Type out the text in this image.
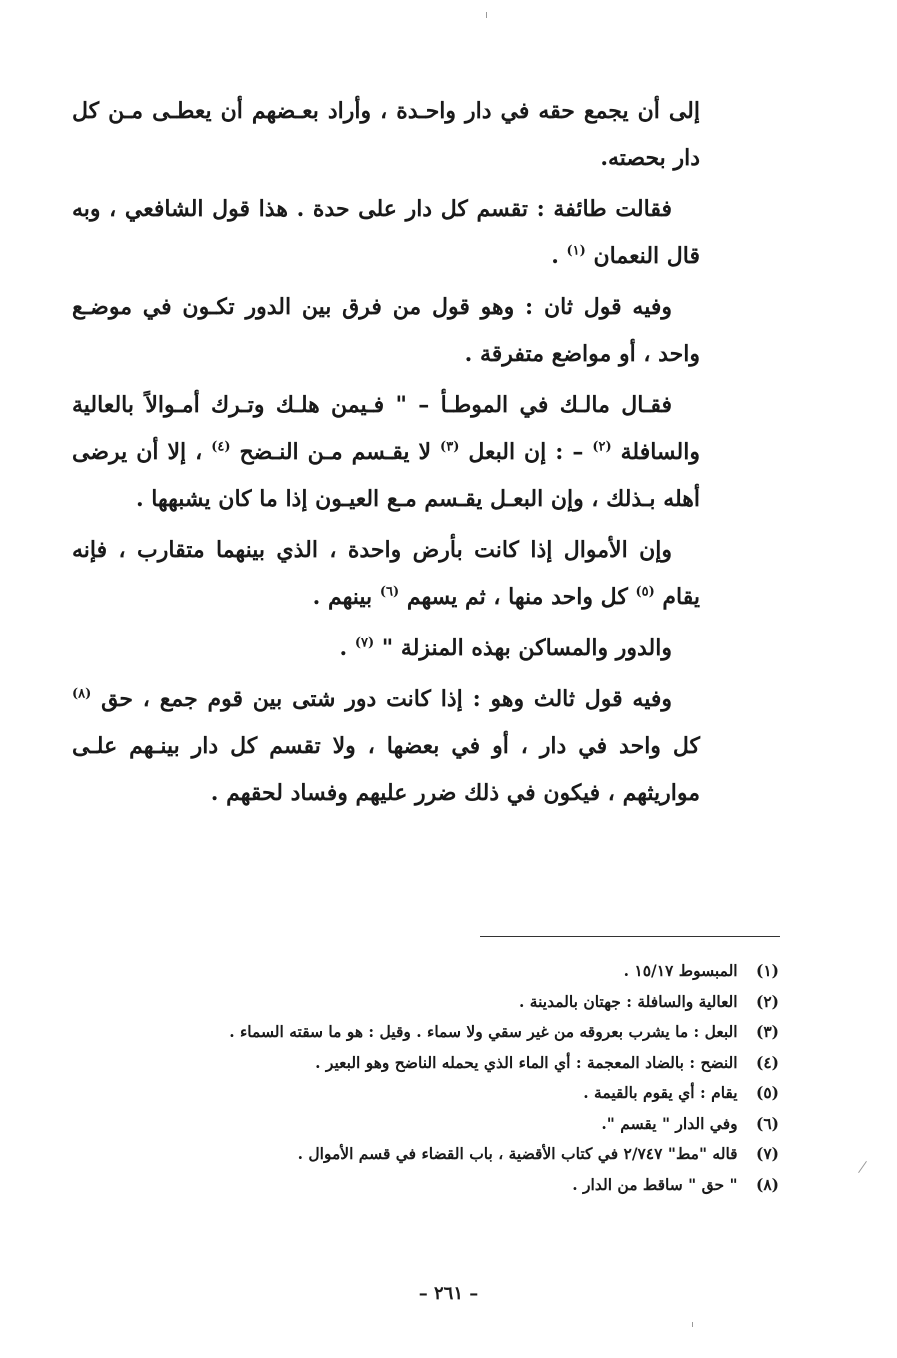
إلى أن يجمع حقه في دار واحـدة ، وأراد بعـضهم أن يعطـى مـن كل دار بحصته.

فقالت طائفة : تقسم كل دار على حدة . هذا قول الشافعي ، وبه قال النعمان $^{(١)}$ .

وفيه قول ثان : وهو قول من فرق بين الدور تكـون في موضـع واحد ، أو مواضع متفرقة .

فقـال مالـك في الموطـأ – " فـيمن هلـك وتـرك أمـوالاً بالعالية والسافلة $^{(٢)}$ – : إن البعل $^{(٣)}$ لا يقـسم مـن النـضح $^{(٤)}$ ، إلا أن يرضى أهله بـذلك ، وإن البعـل يقـسم مـع العيـون إذا ما كان يشبهها .

وإن الأموال إذا كانت بأرض واحدة ، الذي بينهما متقارب ، فإنه يقام $^{(٥)}$ كل واحد منها ، ثم يسهم $^{(٦)}$ بينهم .

والدور والمساكن بهذه المنزلة " $^{(٧)}$ .

وفيه قول ثالث وهو : إذا كانت دور شتى بين قوم جمع ، حق $^{(٨)}$ كل واحد في دار ، أو في بعضها ، ولا تقسم كل دار بينـهم علـى مواريثهم ، فيكون في ذلك ضرر عليهم وفساد لحقهم .

(١) المبسوط ١٥/١٧ .
(٢) العالية والسافلة : جهتان بالمدينة .
(٣) البعل : ما يشرب بعروقه من غير سقي ولا سماء . وقيل : هو ما سقته السماء .
(٤) النضح : بالضاد المعجمة : أي الماء الذي يحمله الناضح وهو البعير .
(٥) يقام : أي يقوم بالقيمة .
(٦) وفي الدار " يقسم ".
(٧) قاله "مط" ٢/٧٤٧ في كتاب الأقضية ، باب القضاء في قسم الأموال .
(٨) " حق " ساقط من الدار .
– ٢٦١ –
